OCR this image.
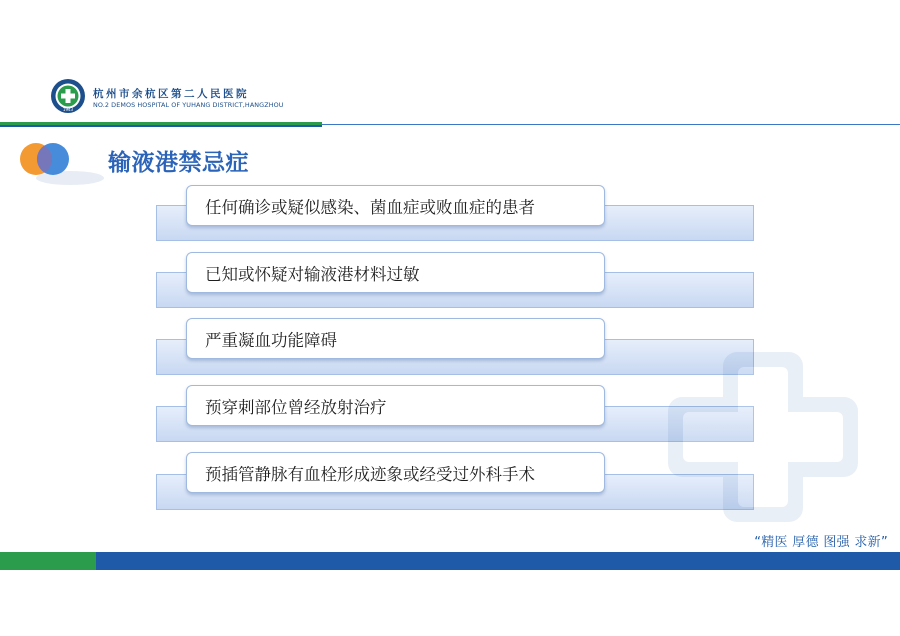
1943
杭州市余杭区第二人民医院
NO.2 DEMOS HOSPITAL OF YUHANG DISTRICT,HANGZHOU
输液港禁忌症
任何确诊或疑似感染、菌血症或败血症的患者
已知或怀疑对输液港材料过敏
严重凝血功能障碍
预穿刺部位曾经放射治疗
预插管静脉有血栓形成迹象或经受过外科手术
“精医 厚德 图强 求新”
